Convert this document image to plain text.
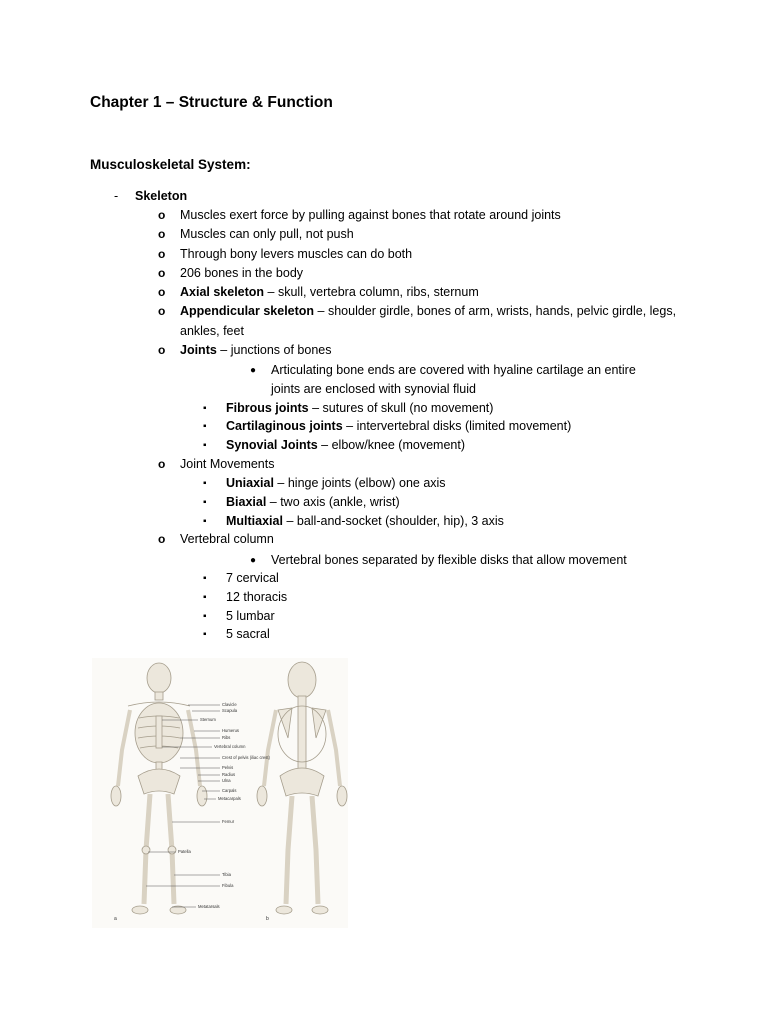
Chapter 1 – Structure & Function
Musculoskeletal System:
- Skeleton
o Muscles exert force by pulling against bones that rotate around joints
o Muscles can only pull, not push
o Through bony levers muscles can do both
o 206 bones in the body
o Axial skeleton – skull, vertebra column, ribs, sternum
o Appendicular skeleton – shoulder girdle, bones of arm, wrists, hands, pelvic girdle, legs,
ankles, feet
o Joints – junctions of bones
● Articulating bone ends are covered with hyaline cartilage an entire
joints are enclosed with synovial fluid
▪ Fibrous joints – sutures of skull (no movement)
▪ Cartilaginous joints – intervertebral disks (limited movement)
▪ Synovial Joints – elbow/knee (movement)
o Joint Movements
▪ Uniaxial – hinge joints (elbow) one axis
▪ Biaxial – two axis (ankle, wrist)
▪ Multiaxial – ball-and-socket (shoulder, hip), 3 axis
o Vertebral column
● Vertebral bones separated by flexible disks that allow movement
▪ 7 cervical
▪ 12 thoracis
▪ 5 lumbar
▪ 5 sacral
Clavicle
Scapula
Sternum
Humerus
Ribs
Vertebral column
Crest of pelvis (iliac crest)
Pelvis
Radius
Ulna
Carpals
Metacarpals
Femur
Patella
Tibia
Fibula
Metatarsals
a	b
